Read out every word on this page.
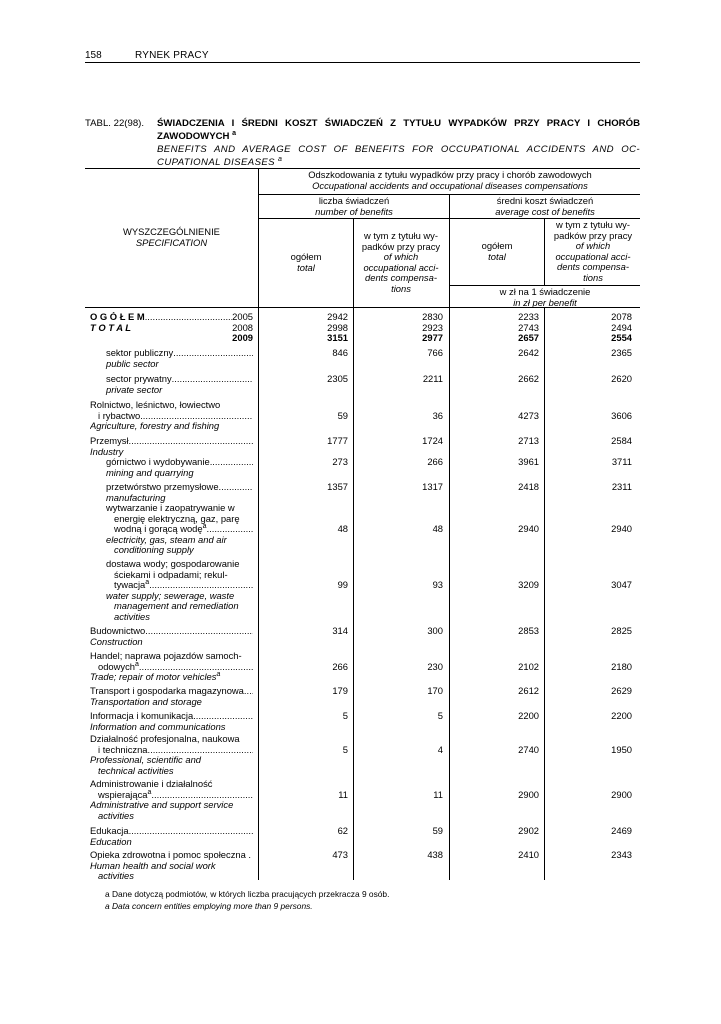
158	RYNEK PRACY
TABL. 22(98). ŚWIADCZENIA I ŚREDNI KOSZT ŚWIADCZEŃ Z TYTUŁU WYPADKÓW PRZY PRACY I CHORÓB
ZAWODOWYCH $^a$
BENEFITS AND AVERAGE COST OF BENEFITS FOR OCCUPATIONAL ACCIDENTS AND OC-
CUPATIONAL DISEASES $^a$
WYSZCZEGÓLNIENIE
SPECIFICATION
Odszkodowania z tytułu wypadków przy pracy i chorób zawodowych
Occupational accidents and occupational diseases compensations
liczba świadczeń
number of benefits
średni koszt świadczeń
average cost of benefits
ogółem
total
w tym z tytułu wy-
padków przy pracy
of which
occupational acci-
dents compensa-
tions
ogółem
total
w tym z tytułu wy-
padków przy pracy
of which
occupational acci-
dents compensa-
tions
w zł na 1 świadczenie
in zł per benefit
O G Ó Ł E M
.....	2005
T O T A L	2008
2009
2942	2830	2233	2078
2998	2923	2743	2494
3151	2977	2657	2554
sektor publiczny
.....
public sector
846	766	2642	2365
sector prywatny
.....
private sector
2305	2211	2662	2620
Rolnictwo, leśnictwo, łowiectwo
i rybactwo
.....
Agriculture, forestry and fishing
59	36	4273	3606
Przemysł
.....
Industry
1777	1724	2713	2584
górnictwo i wydobywanie
.....
mining and quarrying
273	266	3961	3711
przetwórstwo przemysłowe
.....
manufacturing
1357	1317	2418	2311
wytwarzanie i zaopatrywanie w
energię elektryczną, gaz, parę
wodną i gorącą wodę$^a$
.....
electricity, gas, steam and air
conditioning supply
48	48	2940	2940
dostawa wody; gospodarowanie
ściekami i odpadami; rekul-
tywacja$^a$
.....
water supply; sewerage, waste
management and remediation
activities
99	93	3209	3047
Budownictwo
.....
Construction
314	300	2853	2825
Handel; naprawa pojazdów samoch-
odowych$^a$
.....
Trade; repair of motor vehicles$^a$
266	230	2102	2180
Transport i gospodarka magazynowa
.....
Transportation and storage
179	170	2612	2629
Informacja i komunikacja
.....
Information and communications
5	5	2200	2200
Działalność profesjonalna, naukowa
i techniczna
.....
Professional, scientific and
technical activities
5	4	2740	1950
Administrowanie i działalność
wspierająca$^a$
.....
Administrative and support service
activities
11	11	2900	2900
Edukacja
.....
Education
62	59	2902	2469
Opieka zdrowotna i pomoc społeczna .
Human health and social work
activities
473	438	2410	2343
a Dane dotyczą podmiotów, w których liczba pracujących przekracza 9 osób.
a Data concern entities employing more than 9 persons.
